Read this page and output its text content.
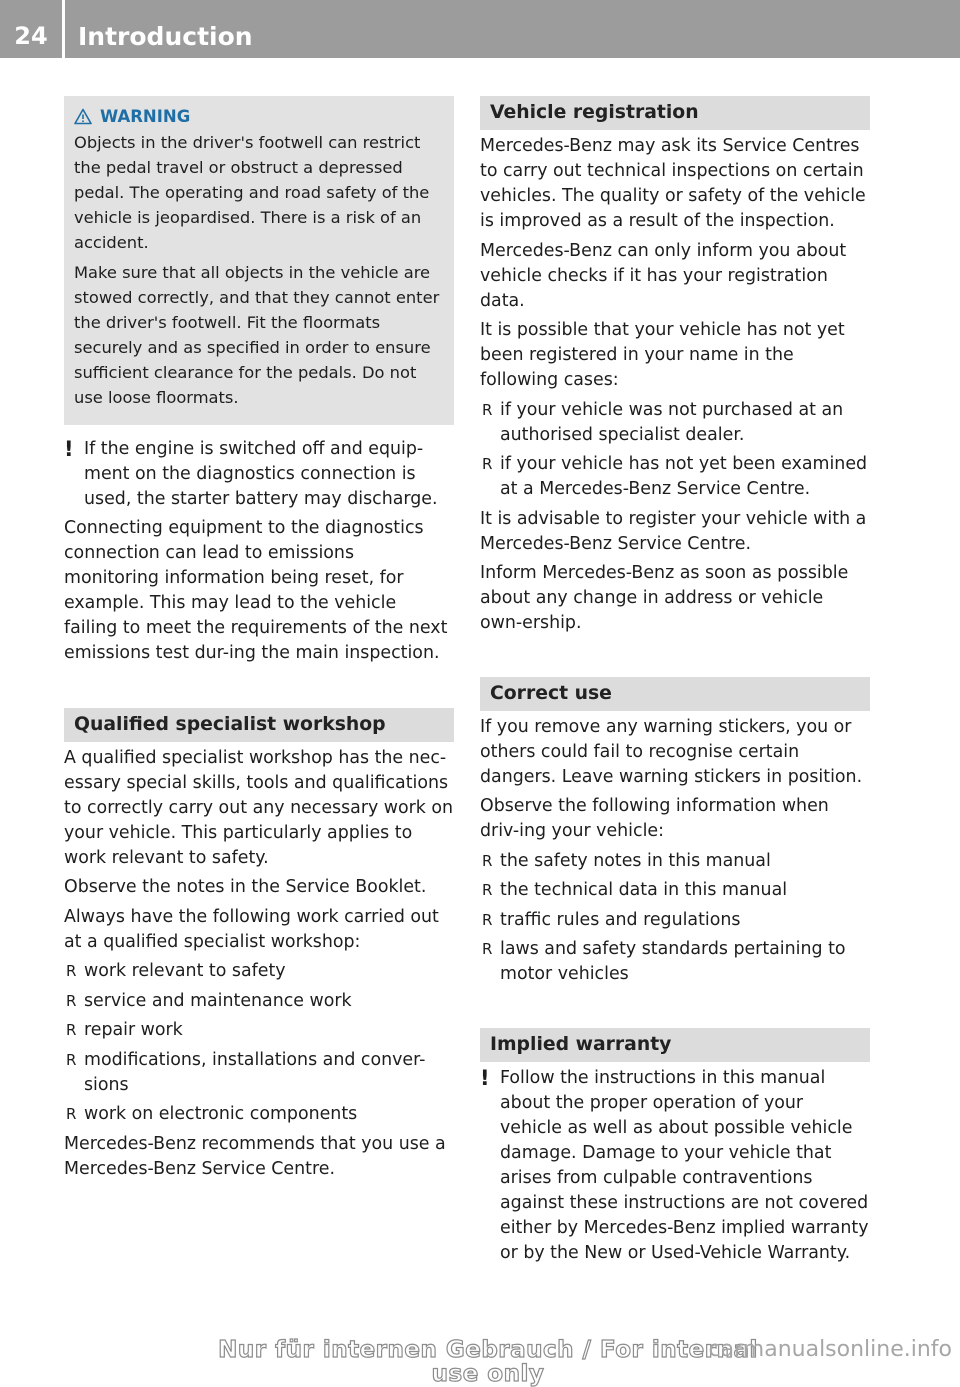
24	Introduction
WARNING

Objects in the driver's footwell can restrict the pedal travel or obstruct a depressed pedal. The operating and road safety of the vehicle is jeopardised. There is a risk of an accident.

Make sure that all objects in the vehicle are stowed correctly, and that they cannot enter the driver's footwell. Fit the floormats securely and as specified in order to ensure sufficient clearance for the pedals. Do not use loose floormats.

! If the engine is switched off and equip-ment on the diagnostics connection is used, the starter battery may discharge.

Connecting equipment to the diagnostics connection can lead to emissions monitoring information being reset, for example. This may lead to the vehicle failing to meet the requirements of the next emissions test dur-ing the main inspection.

Qualified specialist workshop

A qualified specialist workshop has the nec-essary special skills, tools and qualifications to correctly carry out any necessary work on your vehicle. This particularly applies to work relevant to safety.

Observe the notes in the Service Booklet.

Always have the following work carried out at a qualified specialist workshop:

R work relevant to safety
R service and maintenance work
R repair work
R modifications, installations and conver-sions
R work on electronic components

Mercedes-Benz recommends that you use a Mercedes-Benz Service Centre.

Vehicle registration

Mercedes-Benz may ask its Service Centres to carry out technical inspections on certain vehicles. The quality or safety of the vehicle is improved as a result of the inspection.

Mercedes-Benz can only inform you about vehicle checks if it has your registration data.

It is possible that your vehicle has not yet been registered in your name in the following cases:

R if your vehicle was not purchased at an authorised specialist dealer.
R if your vehicle has not yet been examined at a Mercedes-Benz Service Centre.

It is advisable to register your vehicle with a Mercedes-Benz Service Centre.

Inform Mercedes-Benz as soon as possible about any change in address or vehicle own-ership.

Correct use

If you remove any warning stickers, you or others could fail to recognise certain dangers. Leave warning stickers in position.

Observe the following information when driv-ing your vehicle:

R the safety notes in this manual
R the technical data in this manual
R traffic rules and regulations
R laws and safety standards pertaining to motor vehicles
Implied warranty
! Follow the instructions in this manual about the proper operation of your vehicle as well as about possible vehicle damage. Damage to your vehicle that arises from culpable contraventions against these instructions are not covered either by Mercedes-Benz implied warranty or by the New or Used-Vehicle Warranty.
Nur für internen Gebrauch / For internal use only
carmanualsonline.info
